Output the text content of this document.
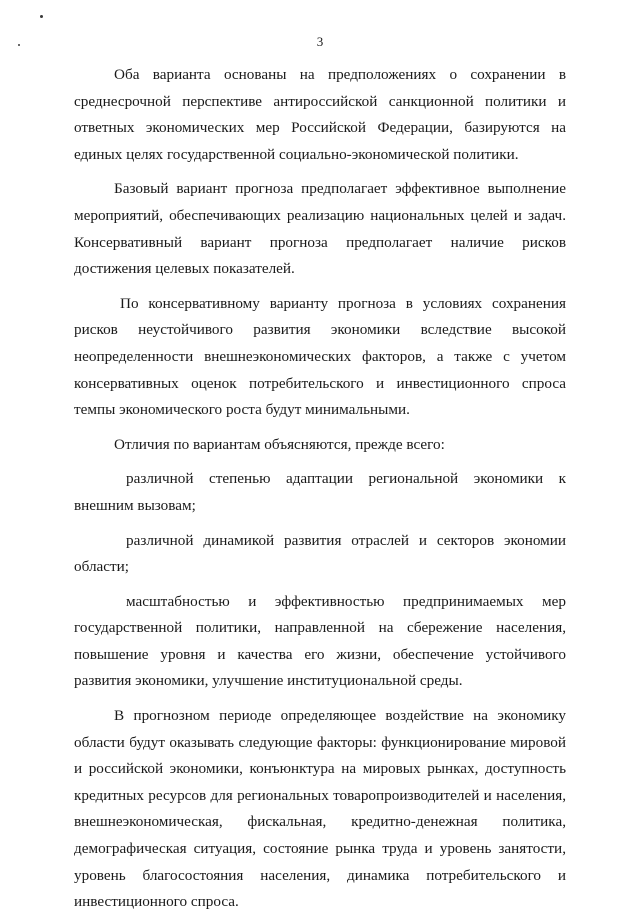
3

Оба варианта основаны на предположениях о сохранении в среднесрочной перспективе антироссийской санкционной политики и ответных экономических мер Российской Федерации, базируются на единых целях государственной социально-экономической политики.

Базовый вариант прогноза предполагает эффективное выполнение мероприятий, обеспечивающих реализацию национальных целей и задач. Консервативный вариант прогноза предполагает наличие рисков достижения целевых показателей.

По консервативному варианту прогноза в условиях сохранения рисков неустойчивого развития экономики вследствие высокой неопределенности внешнеэкономических факторов, а также с учетом консервативных оценок потребительского и инвестиционного спроса темпы экономического роста будут минимальными.

Отличия по вариантам объясняются, прежде всего:

различной степенью адаптации региональной экономики к внешним вызовам;

различной динамикой развития отраслей и секторов экономии области;

масштабностью и эффективностью предпринимаемых мер государственной политики, направленной на сбережение населения, повышение уровня и качества его жизни, обеспечение устойчивого развития экономики, улучшение институциональной среды.

В прогнозном периоде определяющее воздействие на экономику области будут оказывать следующие факторы: функционирование мировой и российской экономики, конъюнктура на мировых рынках, доступность кредитных ресурсов для региональных товаропроизводителей и населения, внешнеэкономическая, фискальная, кредитно-денежная политика, демографическая ситуация, состояние рынка труда и уровень занятости, уровень благосостояния населения, динамика потребительского и инвестиционного спроса.
